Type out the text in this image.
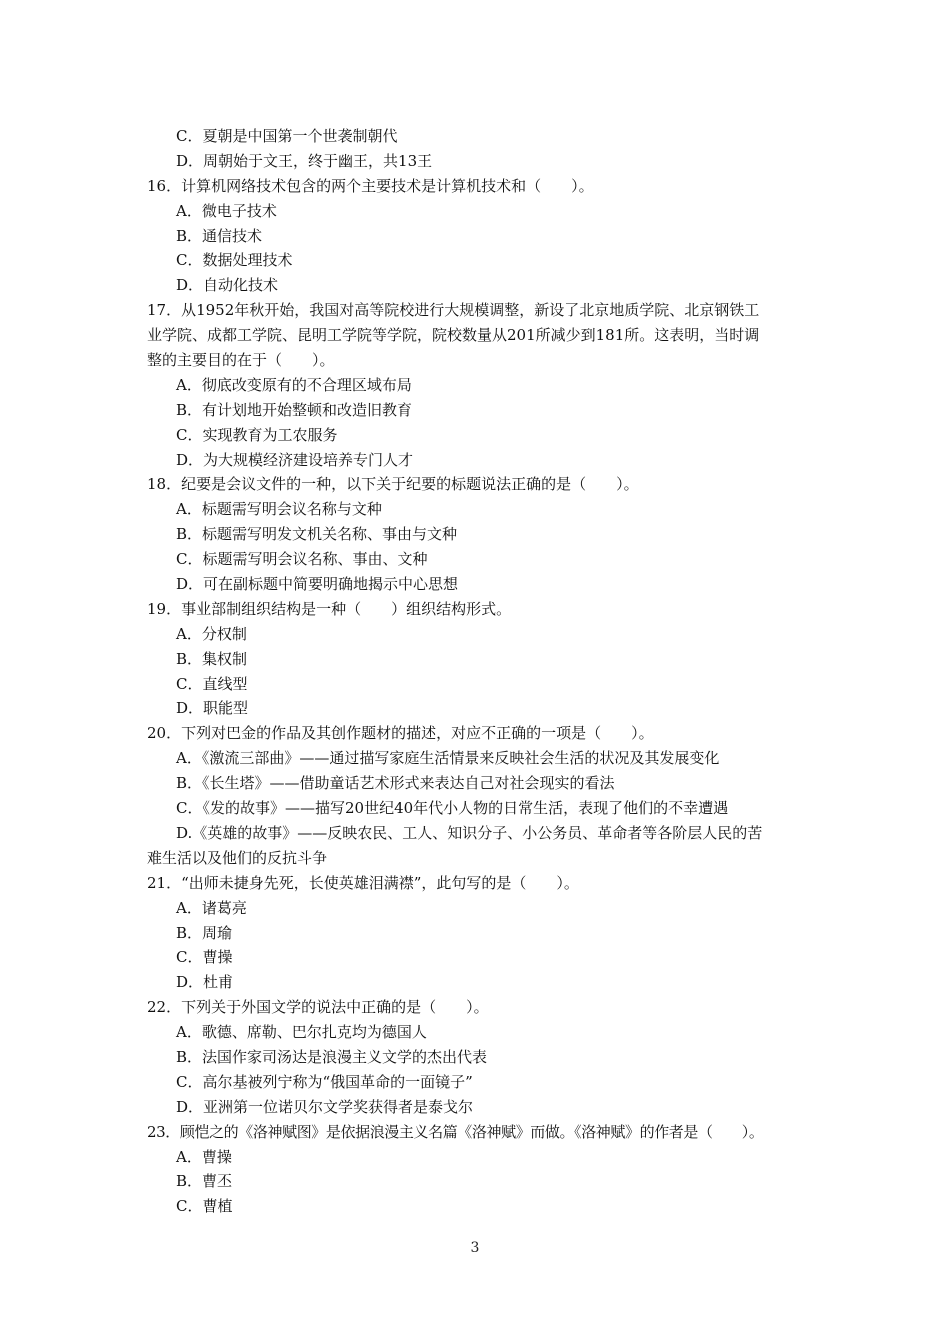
C．夏朝是中国第一个世袭制朝代
D．周朝始于文王，终于幽王，共13王
16．计算机网络技术包含的两个主要技术是计算机技术和（　　）。
A．微电子技术
B．通信技术
C．数据处理技术
D．自动化技术
17．从1952年秋开始，我国对高等院校进行大规模调整，新设了北京地质学院、北京钢铁工
业学院、成都工学院、昆明工学院等学院，院校数量从201所减少到181所。这表明，当时调
整的主要目的在于（　　）。
A．彻底改变原有的不合理区域布局
B．有计划地开始整顿和改造旧教育
C．实现教育为工农服务
D．为大规模经济建设培养专门人才
18．纪要是会议文件的一种，以下关于纪要的标题说法正确的是（　　）。
A．标题需写明会议名称与文种
B．标题需写明发文机关名称、事由与文种
C．标题需写明会议名称、事由、文种
D．可在副标题中简要明确地揭示中心思想
19．事业部制组织结构是一种（　　）组织结构形式。
A．分权制
B．集权制
C．直线型
D．职能型
20．下列对巴金的作品及其创作题材的描述，对应不正确的一项是（　　）。
A．《激流三部曲》——通过描写家庭生活情景来反映社会生活的状况及其发展变化
B．《长生塔》——借助童话艺术形式来表达自己对社会现实的看法
C．《发的故事》——描写20世纪40年代小人物的日常生活，表现了他们的不幸遭遇
D.《英雄的故事》——反映农民、工人、知识分子、小公务员、革命者等各阶层人民的苦
难生活以及他们的反抗斗争
21．“出师未捷身先死，长使英雄泪满襟”，此句写的是（　　）。
A．诸葛亮
B．周瑜
C．曹操
D．杜甫
22．下列关于外国文学的说法中正确的是（　　）。
A．歌德、席勒、巴尔扎克均为德国人
B．法国作家司汤达是浪漫主义文学的杰出代表
C．高尔基被列宁称为“俄国革命的一面镜子”
D．亚洲第一位诺贝尔文学奖获得者是泰戈尔
23．顾恺之的《洛神赋图》是依据浪漫主义名篇《洛神赋》而做。《洛神赋》的作者是（　　）。
A．曹操
B．曹丕
C．曹植
3
